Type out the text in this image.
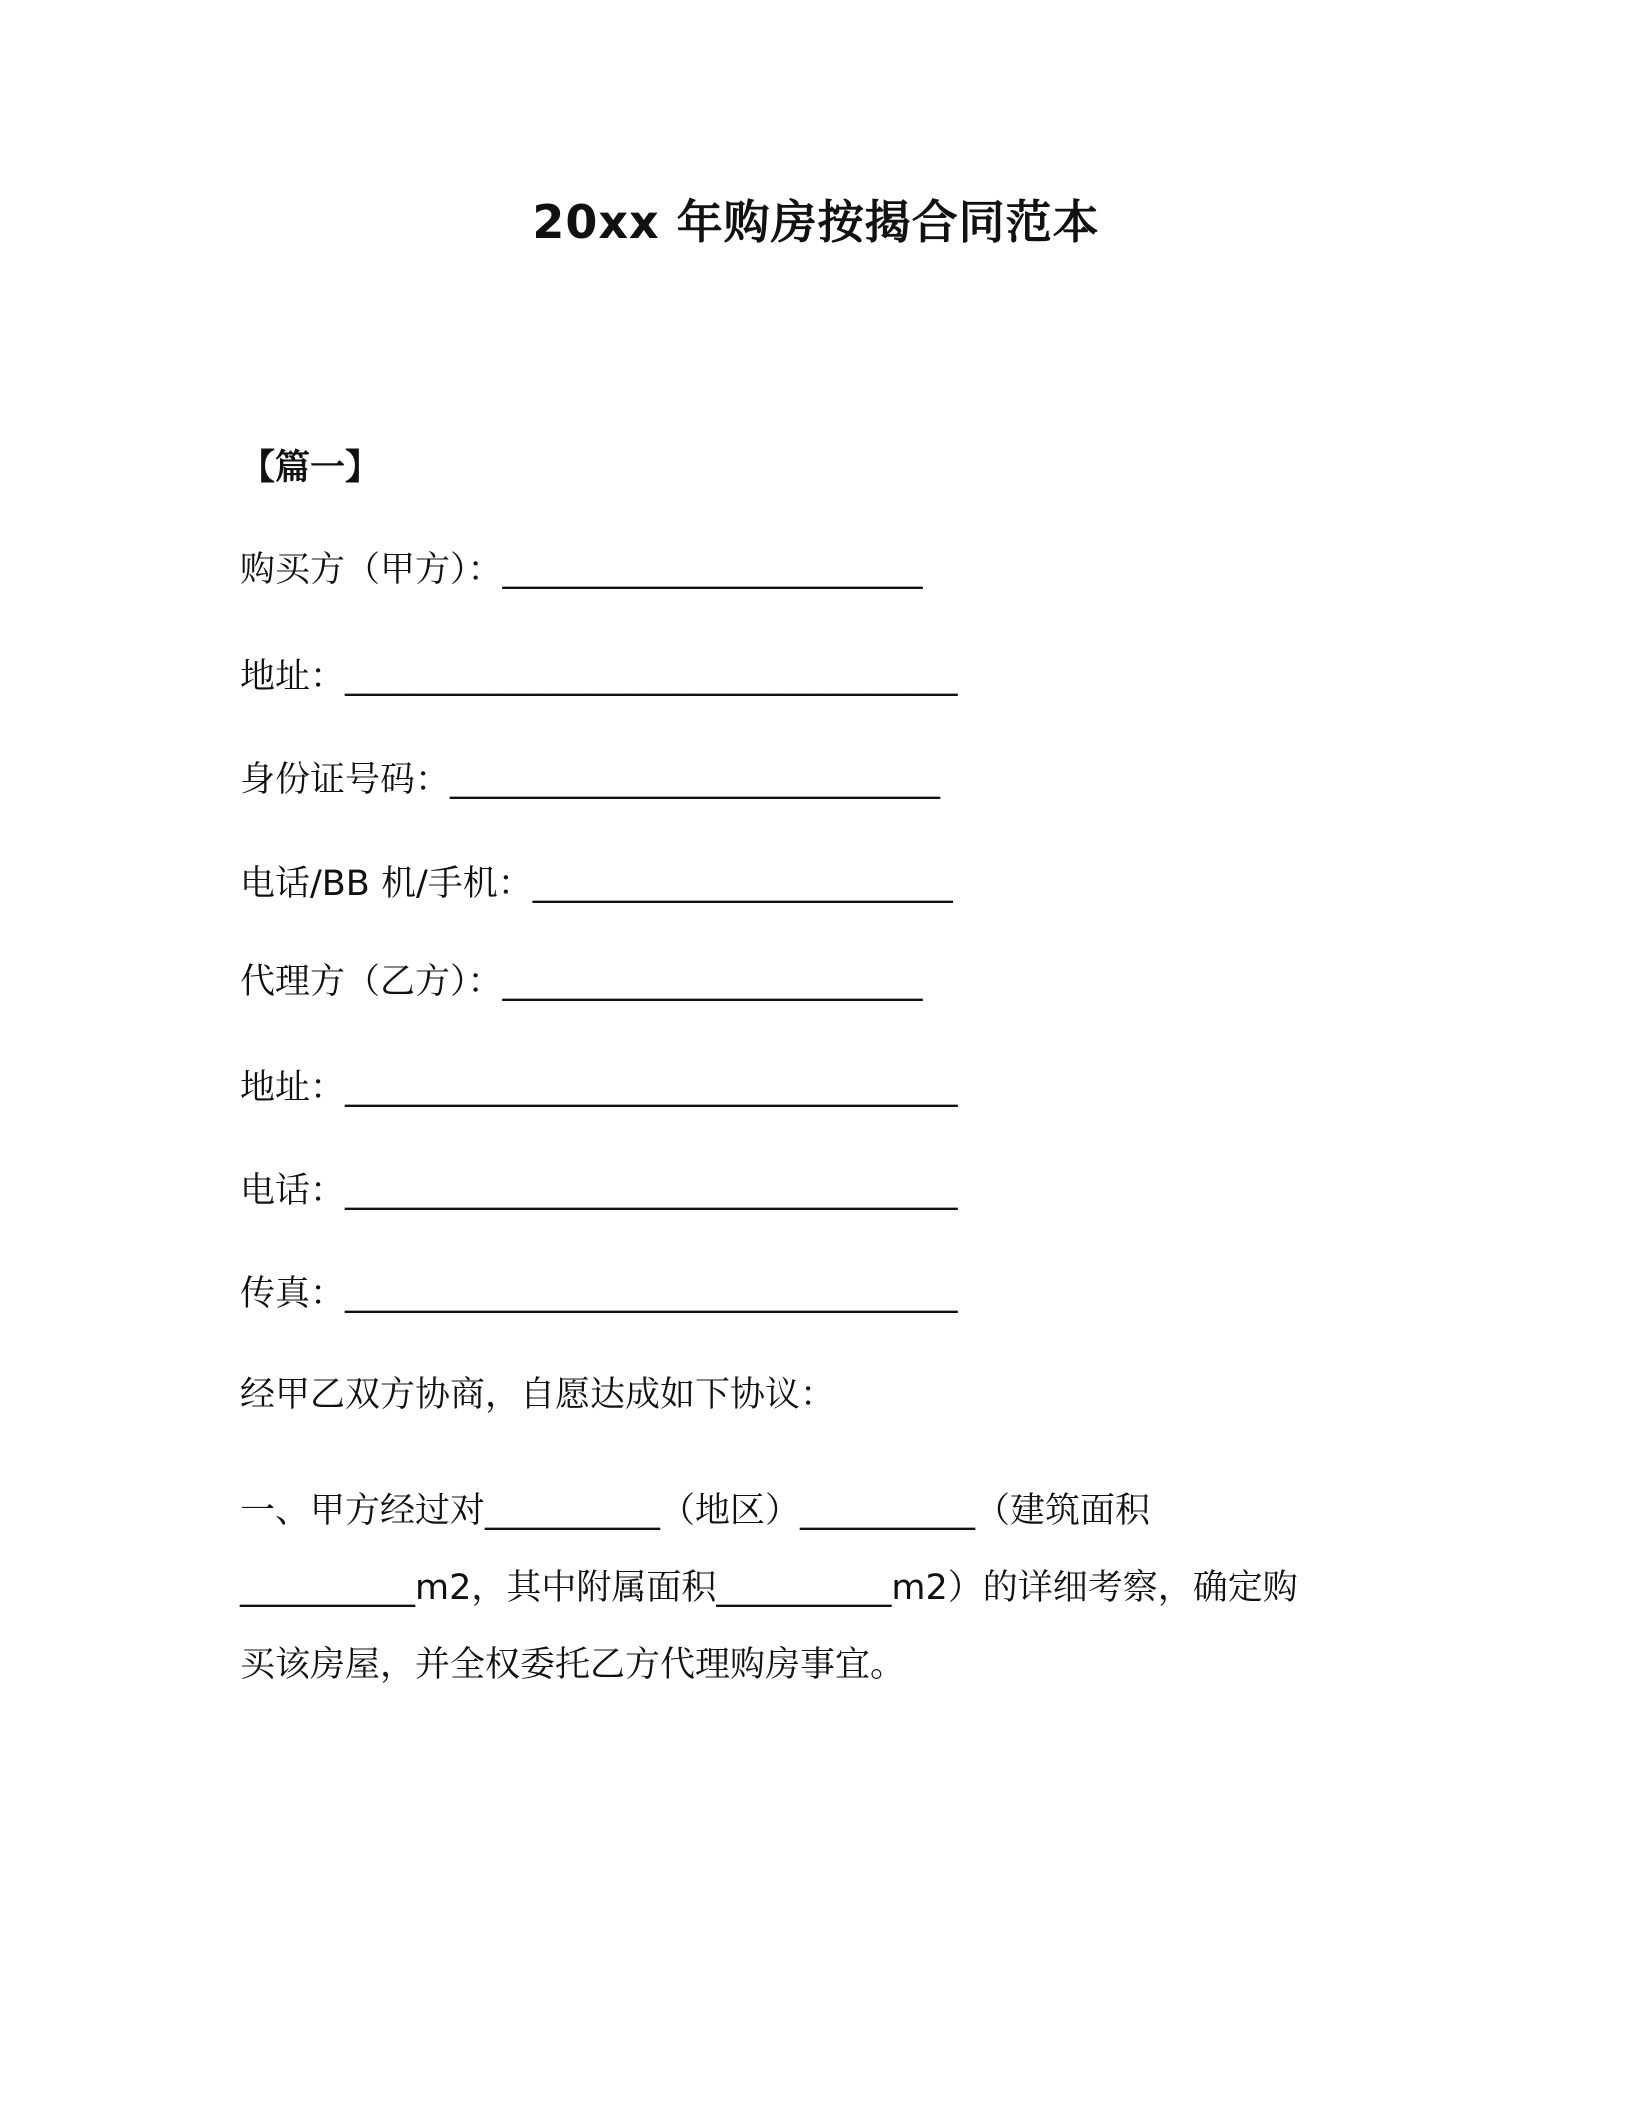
20xx 年购房按揭合同范本
【篇一】
购买方（甲方）：________________________
地址：___________________________________
身份证号码：____________________________
电话/BB 机/手机：________________________
代理方（乙方）：________________________
地址：___________________________________
电话：___________________________________
传真：___________________________________
经甲乙双方协商，自愿达成如下协议：
一、甲方经过对__________（地区）__________（建筑面积
__________m2，其中附属面积__________m2）的详细考察，确定购
买该房屋，并全权委托乙方代理购房事宜。
